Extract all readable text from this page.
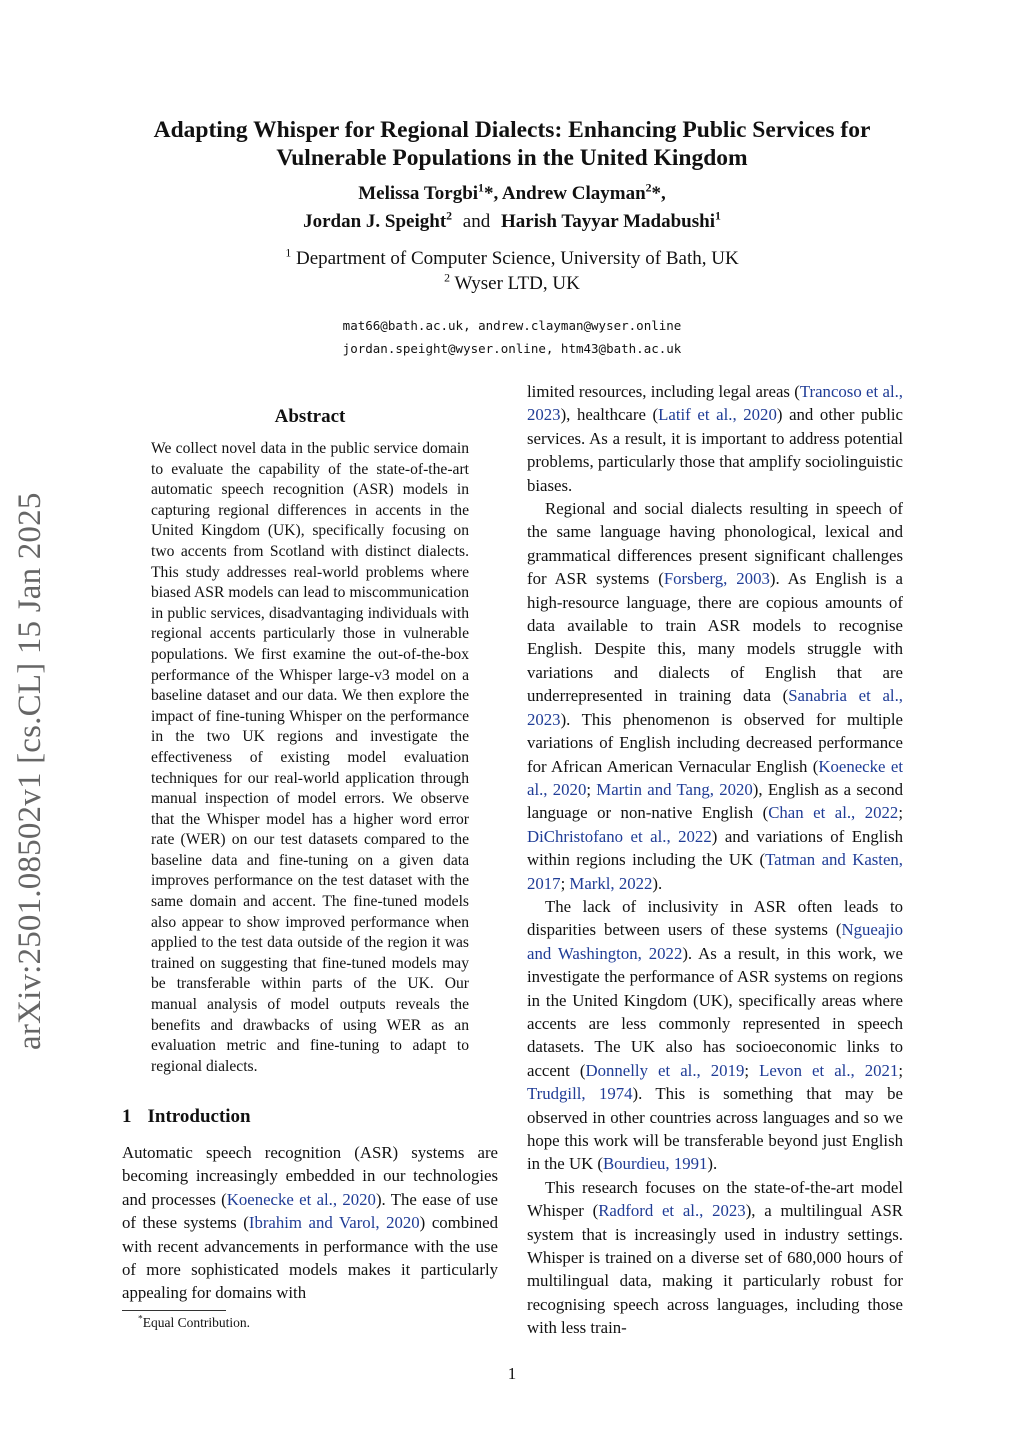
arXiv:2501.08502v1 [cs.CL] 15 Jan 2025
Adapting Whisper for Regional Dialects: Enhancing Public Services for
Vulnerable Populations in the United Kingdom
Melissa Torgbi$^1$*, Andrew Clayman$^2$*,
Jordan J. Speight$^2$ and Harish Tayyar Madabushi$^1$
$^1$ Department of Computer Science, University of Bath, UK
$^2$ Wyser LTD, UK
mat66@bath.ac.uk, andrew.clayman@wyser.online
jordan.speight@wyser.online, htm43@bath.ac.uk
Abstract
We collect novel data in the public service domain to evaluate the capability of the state-of-the-art automatic speech recognition (ASR) models in capturing regional differences in accents in the United Kingdom (UK), specifically focusing on two accents from Scotland with distinct dialects. This study addresses real-world problems where biased ASR models can lead to miscommunication in public services, disadvantaging individuals with regional accents particularly those in vulnerable populations. We first examine the out-of-the-box performance of the Whisper large-v3 model on a baseline dataset and our data. We then explore the impact of fine-tuning Whisper on the performance in the two UK regions and investigate the effectiveness of existing model evaluation techniques for our real-world application through manual inspection of model errors. We observe that the Whisper model has a higher word error rate (WER) on our test datasets compared to the baseline data and fine-tuning on a given data improves performance on the test dataset with the same domain and accent. The fine-tuned models also appear to show improved performance when applied to the test data outside of the region it was trained on suggesting that fine-tuned models may be transferable within parts of the UK. Our manual analysis of model outputs reveals the benefits and drawbacks of using WER as an evaluation metric and fine-tuning to adapt to regional dialects.
1 Introduction

Automatic speech recognition (ASR) systems are becoming increasingly embedded in our technologies and processes (Koenecke et al., 2020). The ease of use of these systems (Ibrahim and Varol, 2020) combined with recent advancements in performance with the use of more sophisticated models makes it particularly appealing for domains with

limited resources, including legal areas (Trancoso et al., 2023), healthcare (Latif et al., 2020) and other public services. As a result, it is important to address potential problems, particularly those that amplify sociolinguistic biases.

Regional and social dialects resulting in speech of the same language having phonological, lexical and grammatical differences present significant challenges for ASR systems (Forsberg, 2003). As English is a high-resource language, there are copious amounts of data available to train ASR models to recognise English. Despite this, many models struggle with variations and dialects of English that are underrepresented in training data (Sanabria et al., 2023). This phenomenon is observed for multiple variations of English including decreased performance for African American Vernacular English (Koenecke et al., 2020; Martin and Tang, 2020), English as a second language or non-native English (Chan et al., 2022; DiChristofano et al., 2022) and variations of English within regions including the UK (Tatman and Kasten, 2017; Markl, 2022).

The lack of inclusivity in ASR often leads to disparities between users of these systems (Ngueajio and Washington, 2022). As a result, in this work, we investigate the performance of ASR systems on regions in the United Kingdom (UK), specifically areas where accents are less commonly represented in speech datasets. The UK also has socioeconomic links to accent (Donnelly et al., 2019; Levon et al., 2021; Trudgill, 1974). This is something that may be observed in other countries across languages and so we hope this work will be transferable beyond just English in the UK (Bourdieu, 1991).

This research focuses on the state-of-the-art model Whisper (Radford et al., 2023), a multilingual ASR system that is increasingly used in industry settings. Whisper is trained on a diverse set of 680,000 hours of multilingual data, making it particularly robust for recognising speech across languages, including those with less train-

*Equal Contribution.
1
